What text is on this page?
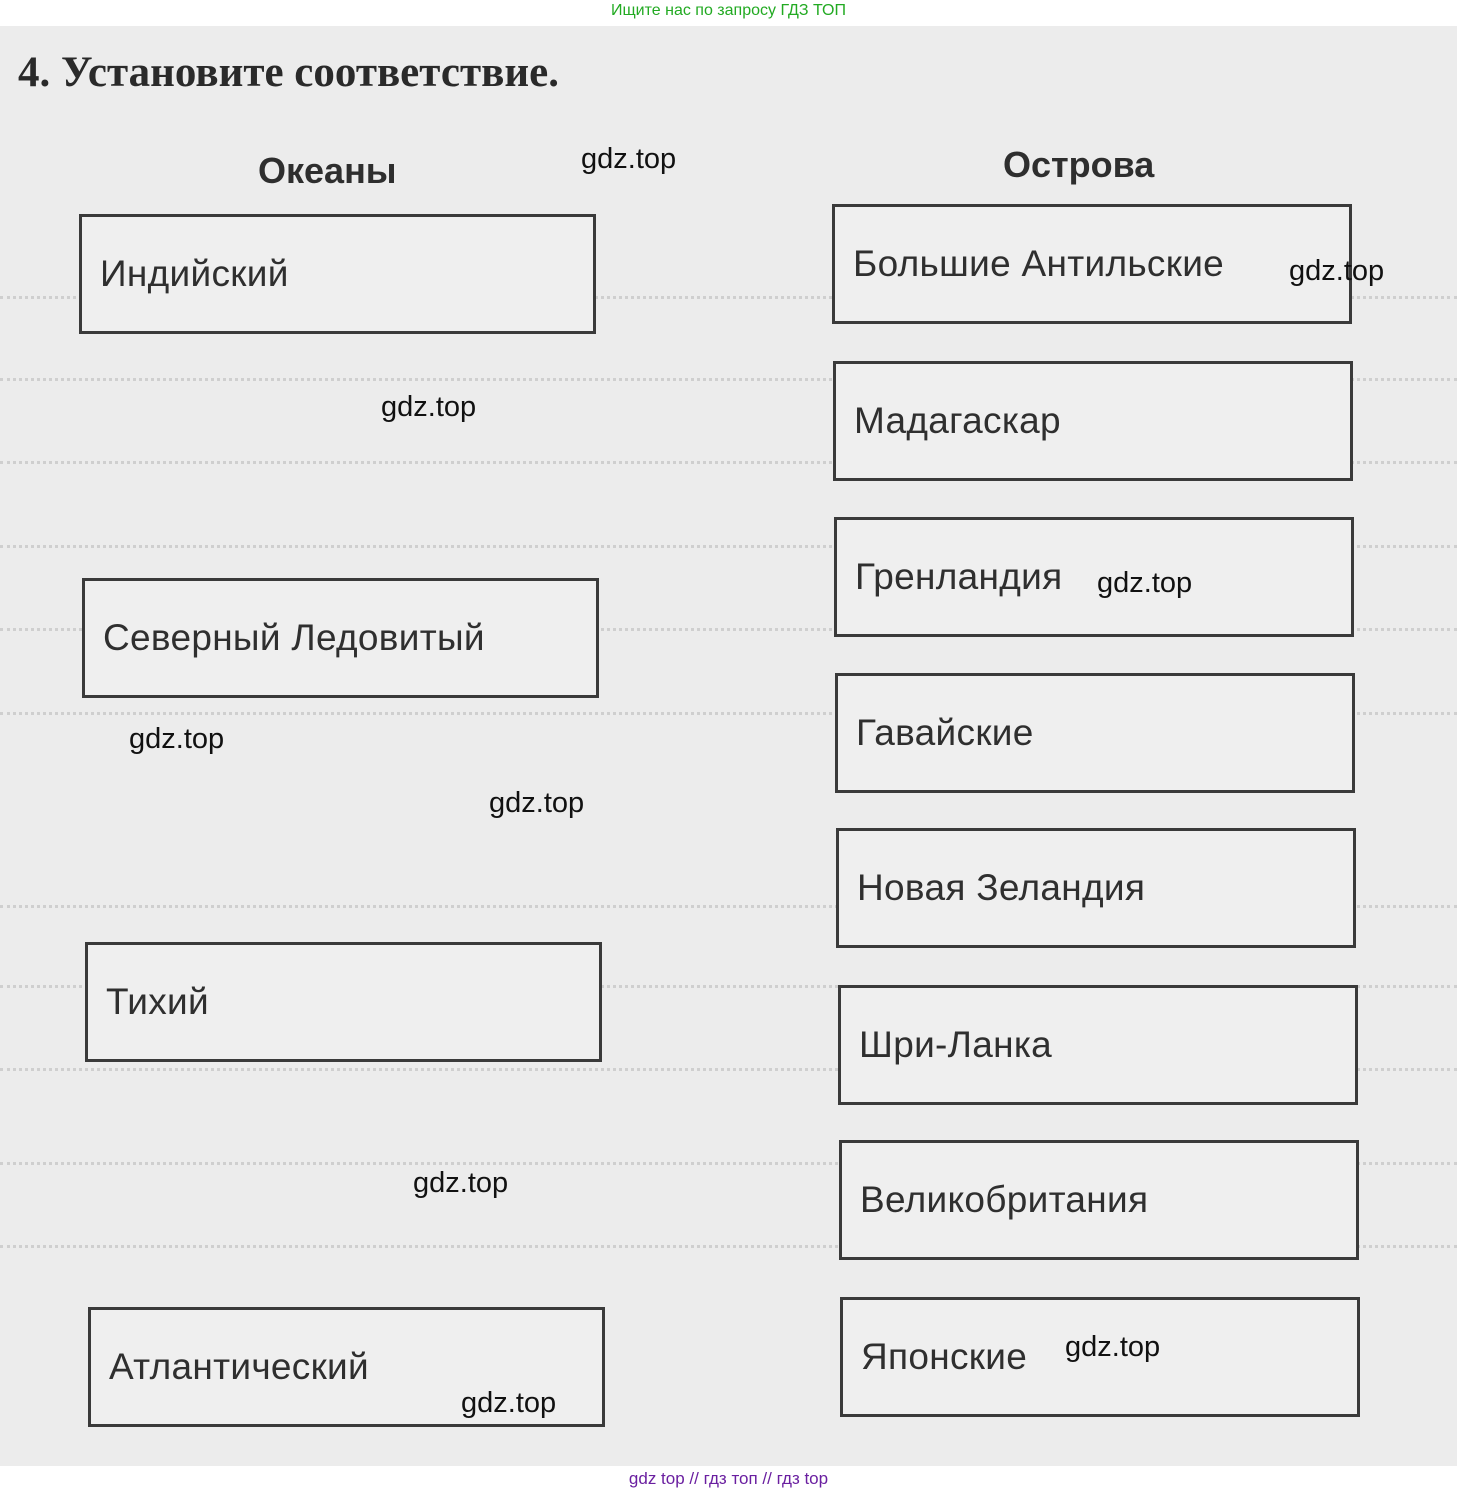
Ищите нас по запросу ГДЗ ТОП
4. Установите соответствие.
Океаны	Острова
Индийский
Северный Ледовитый
Тихий
Атлантический
Большие Антильские
Мадагаскар
Гренландия
Гавайские
Новая Зеландия
Шри-Ланка
Великобритания
Японские
gdz.top
gdz.top
gdz.top
gdz.top
gdz.top
gdz.top
gdz.top
gdz.top
gdz.top
gdz top // гдз топ // гдз top
